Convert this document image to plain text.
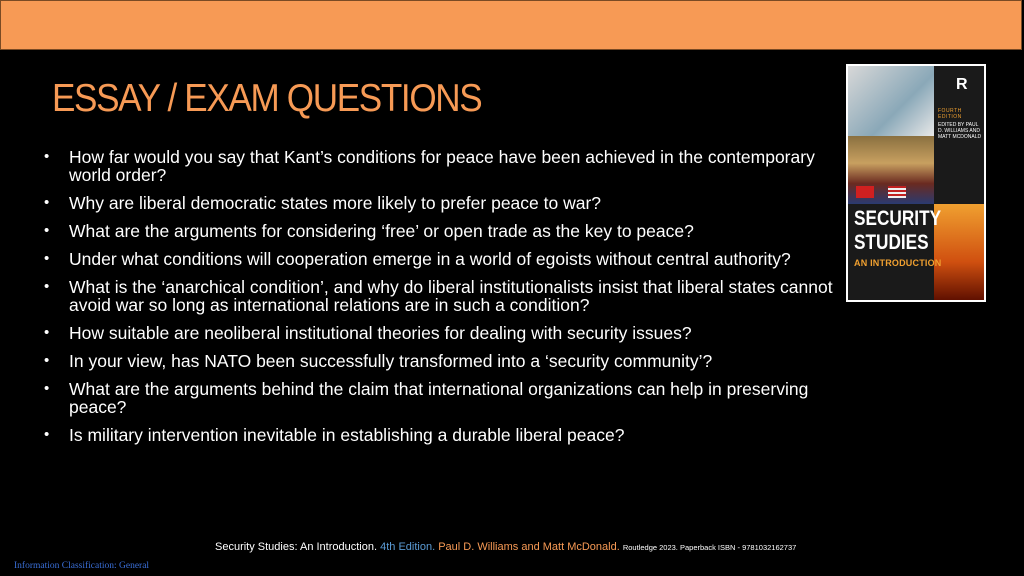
ESSAY / EXAM QUESTIONS
• How far would you say that Kant’s conditions for peace have been achieved in the contemporary world order?
• Why are liberal democratic states more likely to prefer peace to war?
• What are the arguments for considering ‘free’ or open trade as the key to peace?
• Under what conditions will cooperation emerge in a world of egoists without central authority?
• What is the ‘anarchical condition’, and why do liberal institutionalists insist that liberal states cannot avoid war so long as international relations are in such a condition?
• How suitable are neoliberal institutional theories for dealing with security issues?
• In your view, has NATO been successfully transformed into a ‘security community’?
• What are the arguments behind the claim that international organizations can help in preserving peace?
• Is military intervention inevitable in establishing a durable liberal peace?
R
FOURTH EDITION
EDITED BY PAUL D. WILLIAMS AND MATT MCDONALD
SECURITY
STUDIES
AN INTRODUCTION
Security Studies: An Introduction. 4th Edition. Paul D. Williams and Matt McDonald. Routledge 2023. Paperback ISBN - 9781032162737
Information Classification: General
